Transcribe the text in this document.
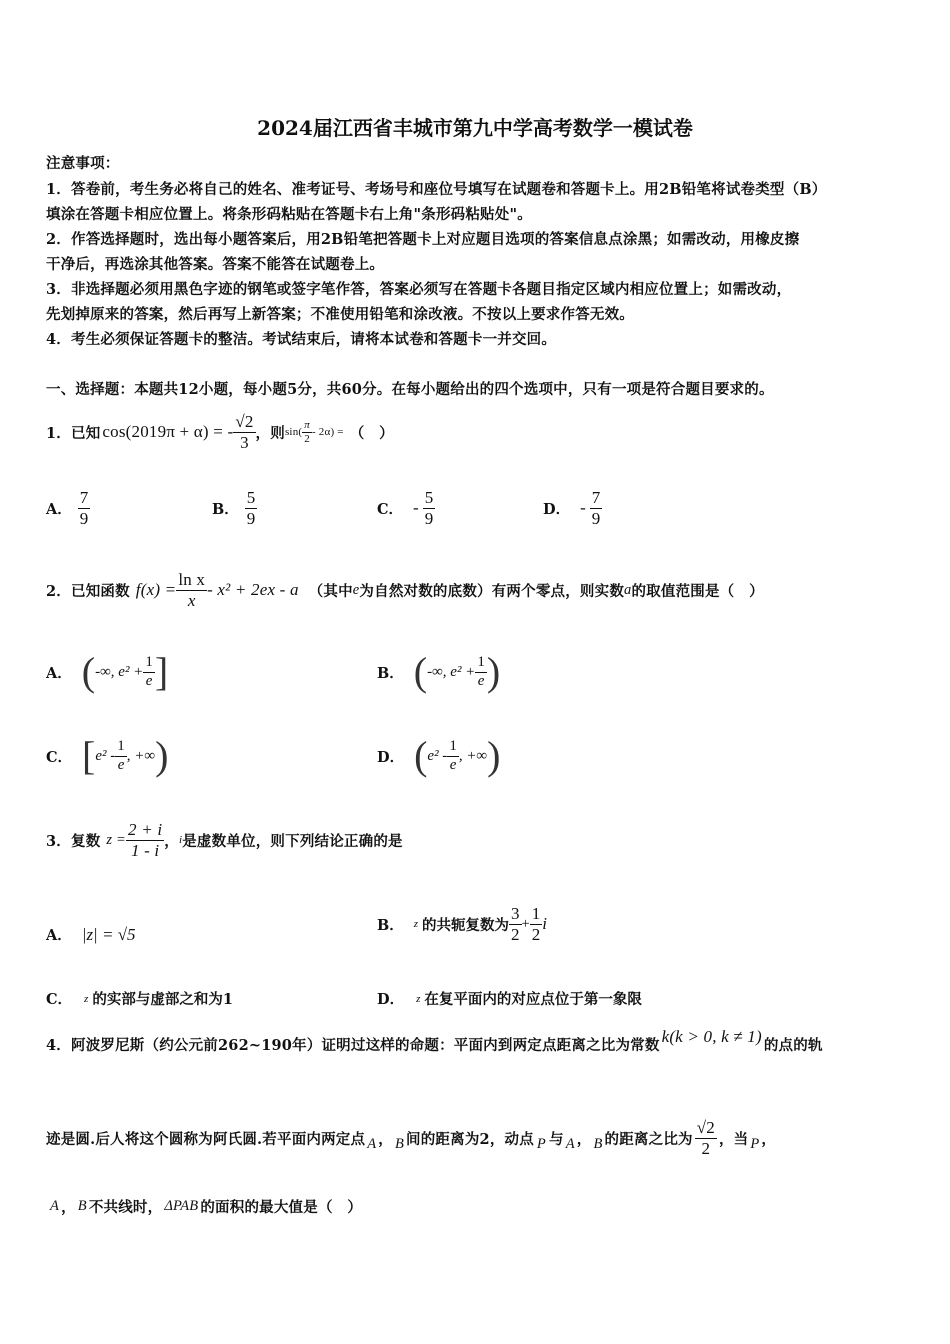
2024届江西省丰城市第九中学高考数学一模试卷
注意事项：
1．答卷前，考生务必将自己的姓名、准考证号、考场号和座位号填写在试题卷和答题卡上。用2B铅笔将试卷类型（B）
填涂在答题卡相应位置上。将条形码粘贴在答题卡右上角"条形码粘贴处"。
2．作答选择题时，选出每小题答案后，用2B铅笔把答题卡上对应题目选项的答案信息点涂黑；如需改动，用橡皮擦
干净后，再选涂其他答案。答案不能答在试题卷上。
3．非选择题必须用黑色字迹的钢笔或签字笔作答，答案必须写在答题卡各题目指定区域内相应位置上；如需改动，
先划掉原来的答案，然后再写上新答案；不准使用铅笔和涂改液。不按以上要求作答无效。
4．考生必须保证答题卡的整洁。考试结束后，请将本试卷和答题卡一并交回。
一、选择题：本题共12小题，每小题5分，共60分。在每小题给出的四个选项中，只有一项是符合题目要求的。
1．已知 cos(2019π + α) = - $\frac{√2}{3}$ ，则 $\sin( \frac{\pi}{2} - 2\alpha)$ = （　）
A． $\frac{7}{9}$	B． $\frac{5}{9}$	C． - $\frac{5}{9}$	D． - $\frac{7}{9}$
2．已知函数 $f(x) = \frac{\text{ln x}}{x} - x^2 + 2ex - a$ （其中 e 为自然对数的底数）有两个零点，则实数 a 的取值范围是（　）
A． ( -∞, $e^2 + \frac{1}{e}$ ]	B． ( -∞, $e^2 + \frac{1}{e}$ )
C． [ $e^2 - \frac{1}{e}$ , +∞ )	D． ( $e^2 - \frac{1}{e}$ , +∞ )
3．复数 $z = \frac{2 + i}{1 - i}$ ， i 是虚数单位，则下列结论正确的是
A． |z| = √5	B． z 的共轭复数为 $\frac{3}{2} + \frac{1}{2}$ i
C． z 的实部与虚部之和为1	D． z 在复平面内的对应点位于第一象限
4．阿波罗尼斯（约公元前262~190年）证明过这样的命题：平面内到两定点距离之比为常数 k(k > 0, k ≠ 1) 的点的轨
迹是圆.后人将这个圆称为阿氏圆.若平面内两定点 A ， B 间的距离为2，动点 P 与 A ， B 的距离之比为 $\frac{√2}{2}$ ，当 P ，
A ， B 不共线时， ΔPAB 的面积的最大值是（　）
